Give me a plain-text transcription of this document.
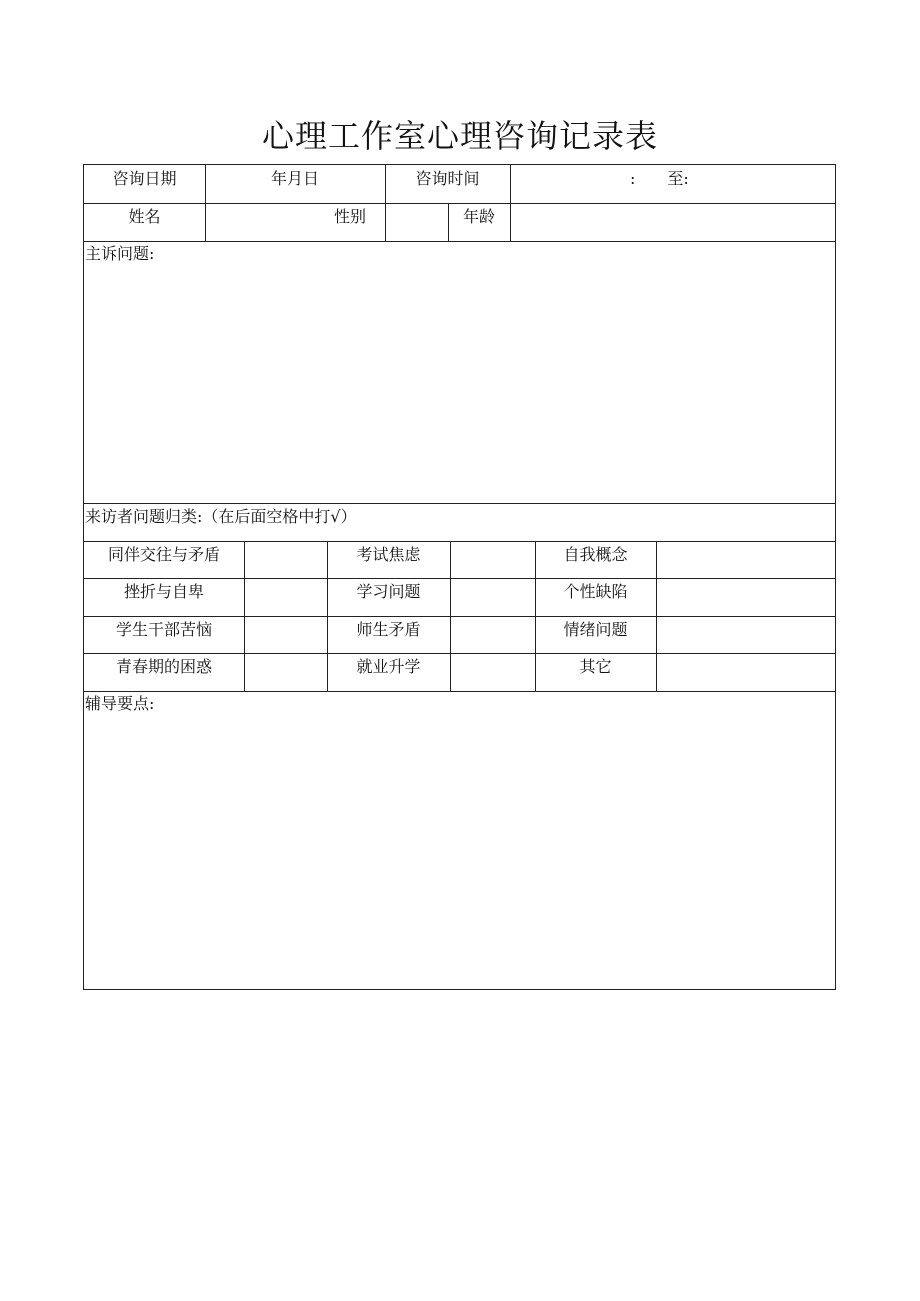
心理工作室心理咨询记录表
咨询日期	年月日	咨询时间	:　　至:
姓名	性别	年龄
主诉问题:
来访者问题归类:（在后面空格中打√）
同伴交往与矛盾	考试焦虑	自我概念
挫折与自卑	学习问题	个性缺陷
学生干部苦恼	师生矛盾	情绪问题
青春期的困惑	就业升学	其它
辅导要点:
